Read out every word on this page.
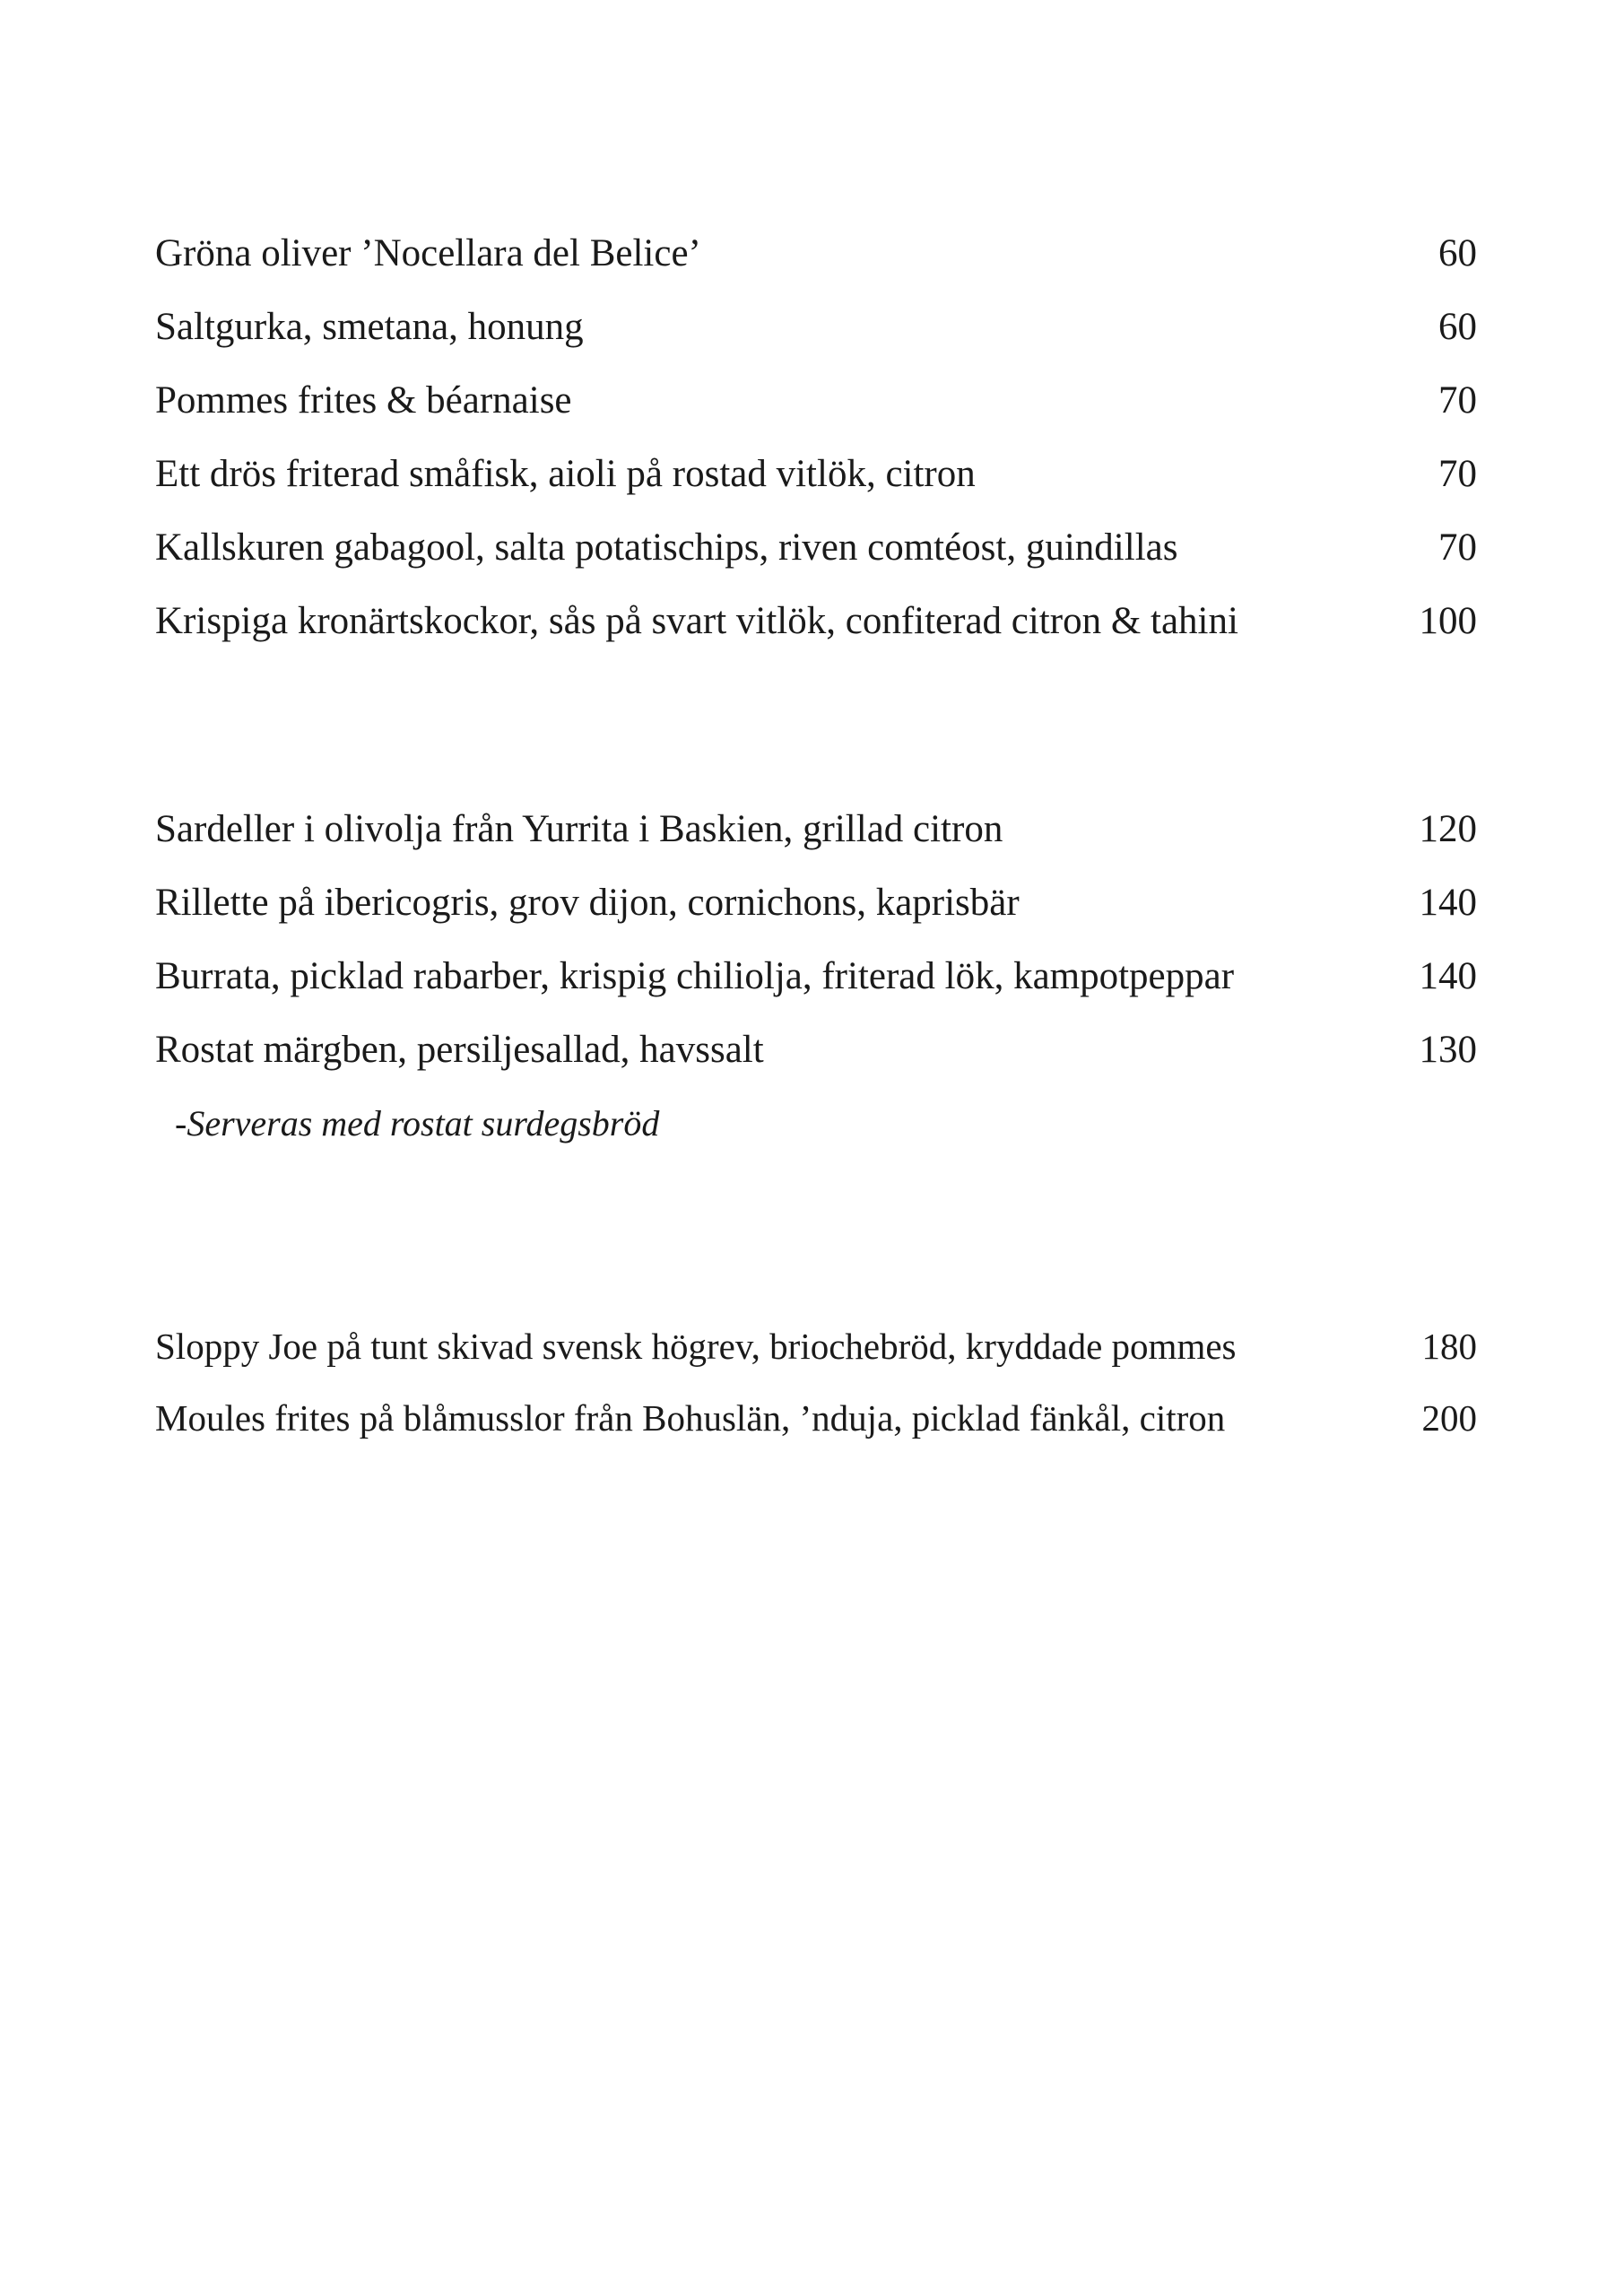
Gröna oliver ’Nocellara del Belice’	60
Saltgurka, smetana, honung	60
Pommes frites & béarnaise	70
Ett drös friterad småfisk, aioli på rostad vitlök, citron	70
Kallskuren gabagool, salta potatischips, riven comtéost, guindillas	70
Krispiga kronärtskockor, sås på svart vitlök, confiterad citron & tahini	100
Sardeller i olivolja från Yurrita i Baskien, grillad citron	120
Rillette på ibericogris, grov dijon, cornichons, kaprisbär	140
Burrata, picklad rabarber, krispig chiliolja, friterad lök, kampotpeppar	140
Rostat märgben, persiljesallad, havssalt	130
-Serveras med rostat surdegsbröd
Sloppy Joe på tunt skivad svensk högrev, briochebröd, kryddade pommes	180
Moules frites på blåmusslor från Bohuslän, ’nduja, picklad fänkål, citron	200
